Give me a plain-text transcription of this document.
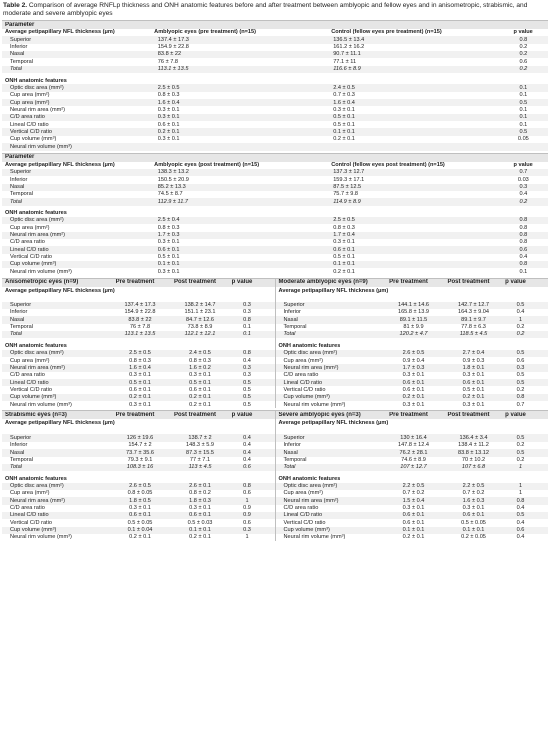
Table 2. Comparison of average RNFLp thickness and ONH anatomic features before and after treatment between amblyopic and fellow eyes and in anisometropic, strabismic, and moderate and severe amblyopic eyes
Parameter
Average petipapillary NFL thickness (μm)	Amblyopic eyes (pre treatment) (n=15)	Control (fellow eyes pre treatment) (n=15)	p value
Superior	137.4 ± 17.3	136.5 ± 13.4	0.8
Inferior	154.9 ± 22.8	161.2 ± 16.2	0.2
Nasal	83.8 ± 22	90.7 ± 11.1	0.2
Temporal	76 ± 7.8	77.1 ± 11	0.6
Total	113.1 ± 13.5	116.6 ± 8.9	0.2
ONH anatomic features
Optic disc area (mm²)	2.5 ± 0.5	2.4 ± 0.5	0.1
Cup area (mm²)	0.8 ± 0.3	0.7 ± 0.3	0.1
Cup area (mm²)	1.6 ± 0.4	1.6 ± 0.4	0.5
Neural rim area (mm²)	0.3 ± 0.1	0.3 ± 0.1	0.1
C/D area ratio	0.3 ± 0.1	0.5 ± 0.1	0.1
Lineal C/D ratio	0.6 ± 0.1	0.5 ± 0.1	0.1
Vertical C/D ratio	0.2 ± 0.1	0.1 ± 0.1	0.5
Cup volume (mm³)	0.3 ± 0.1	0.2 ± 0.1	0.05
Neural rim volume (mm³)
Parameter
Average petipapillary NFL thickness (μm)	Amblyopic eyes (post treatment) (n=15)	Control (fellow eyes post treatment) (n=15)	p value
Superior	138.3 ± 13.2	137.3 ± 12.7	0.7
Inferior	150.5 ± 20.9	159.3 ± 17.1	0.03
Nasal	85.2 ± 13.3	87.5 ± 12.5	0.3
Temporal	74.5 ± 8.7	75.7 ± 9.8	0.4
Total	112.9 ± 11.7	114.9 ± 8.9	0.2
ONH anatomic features
Optic disc area (mm²)	2.5 ± 0.4	2.5 ± 0.5	0.8
Cup area (mm²)	0.8 ± 0.3	0.8 ± 0.3	0.8
Neural rim area (mm²)	1.7 ± 0.3	1.7 ± 0.4	0.8
C/D area ratio	0.3 ± 0.1	0.3 ± 0.1	0.8
Lineal C/D ratio	0.6 ± 0.1	0.6 ± 0.1	0.6
Vertical C/D ratio	0.5 ± 0.1	0.5 ± 0.1	0.4
Cup volume (mm³)	0.1 ± 0.1	0.1 ± 0.1	0.8
Neural rim volume (mm³)	0.3 ± 0.1	0.2 ± 0.1	0.1
Anisometropic eyes (n=9)	Pre treatment	Post treatment	p value
Average petipapillary NFL thickness (μm)
Superior	137.4 ± 17.3	138.2 ± 14.7	0.3
Inferior	154.9 ± 22.8	151.1 ± 23.1	0.3
Nasal	83.8 ± 22	84.7 ± 12.6	0.8
Temporal	76 ± 7.8	73.8 ± 8.9	0.1
Total	113.1 ± 13.5	112.1 ± 12.1	0.1
ONH anatomic features
Optic disc area (mm²)	2.5 ± 0.5	2.4 ± 0.5	0.8
Cup area (mm²)	0.8 ± 0.3	0.8 ± 0.3	0.4
Neural rim area (mm²)	1.6 ± 0.4	1.6 ± 0.2	0.3
C/D area ratio	0.3 ± 0.1	0.3 ± 0.1	0.3
Lineal C/D ratio	0.5 ± 0.1	0.5 ± 0.1	0.5
Vertical C/D ratio	0.6 ± 0.1	0.6 ± 0.1	0.5
Cup volume (mm³)	0.2 ± 0.1	0.2 ± 0.1	0.5
Neural rim volume (mm³)	0.3 ± 0.1	0.2 ± 0.1	0.5
Moderate amblyopic eyes (n=9)	Pre treatment	Post treatment	p value
Average petipapillary NFL thickness (μm)
Superior	144.1 ± 14.6	142.7 ± 12.7	0.5
Inferior	165.8 ± 13.9	164.3 ± 9.04	0.4
Nasal	89.1 ± 11.5	89.1 ± 9.7	1
Temporal	81 ± 9.9	77.8 ± 6.3	0.2
Total	120.2 ± 4.7	118.5 ± 4.5	0.2
ONH anatomic features
Optic disc area (mm²)	2.6 ± 0.5	2.7 ± 0.4	0.5
Cup area (mm²)	0.9 ± 0.4	0.9 ± 0.3	0.6
Neural rim area (mm²)	1.7 ± 0.3	1.8 ± 0.1	0.3
C/D area ratio	0.3 ± 0.1	0.3 ± 0.1	0.5
Lineal C/D ratio	0.6 ± 0.1	0.6 ± 0.1	0.5
Vertical C/D ratio	0.6 ± 0.1	0.5 ± 0.1	0.2
Cup volume (mm³)	0.2 ± 0.1	0.2 ± 0.1	0.8
Neural rim volume (mm³)	0.3 ± 0.1	0.3 ± 0.1	0.7
Strabismic eyes (n=3)	Pre treatment	Post treatment	p value
Average petipapillary NFL thickness (μm)
Superior	126 ± 19.6	138.7 ± 2	0.4
Inferior	154.7 ± 2	148.3 ± 5.9	0.4
Nasal	73.7 ± 35.6	87.3 ± 15.5	0.4
Temporal	79.3 ± 9.1	77 ± 7.1	0.4
Total	108.3 ± 16	113 ± 4.5	0.6
ONH anatomic features
Optic disc area (mm²)	2.6 ± 0.5	2.6 ± 0.1	0.8
Cup area (mm²)	0.8 ± 0.05	0.8 ± 0.2	0.6
Neural rim area (mm²)	1.8 ± 0.5	1.8 ± 0.3	1
C/D area ratio	0.3 ± 0.1	0.3 ± 0.1	0.9
Lineal C/D ratio	0.6 ± 0.1	0.6 ± 0.1	0.9
Vertical C/D ratio	0.5 ± 0.05	0.5 ± 0.03	0.6
Cup volume (mm³)	0.1 ± 0.04	0.1 ± 0.1	0.3
Neural rim volume (mm³)	0.2 ± 0.1	0.2 ± 0.1	1
Severe amblyopic eyes (n=3)	Pre treatment	Post treatment	p value
Average petipapillary NFL thickness (μm)
Superior	130 ± 16.4	136.4 ± 3.4	0.5
Inferior	147.8 ± 12.4	138.4 ± 11.2	0.2
Nasal	76.2 ± 28.1	83.8 ± 13.12	0.5
Temporal	74.6 ± 8.9	70 ± 10.2	0.2
Total	107 ± 12.7	107 ± 6.8	1
ONH anatomic features
Optic disc area (mm²)	2.2 ± 0.5	2.2 ± 0.5	1
Cup area (mm²)	0.7 ± 0.2	0.7 ± 0.2	1
Neural rim area (mm²)	1.5 ± 0.4	1.6 ± 0.3	0.8
C/D area ratio	0.3 ± 0.1	0.3 ± 0.1	0.4
Lineal C/D ratio	0.6 ± 0.1	0.6 ± 0.1	0.5
Vertical C/D ratio	0.6 ± 0.1	0.5 ± 0.05	0.4
Cup volume (mm³)	0.1 ± 0.1	0.1 ± 0.1	0.6
Neural rim volume (mm³)	0.2 ± 0.1	0.2 ± 0.05	0.4
